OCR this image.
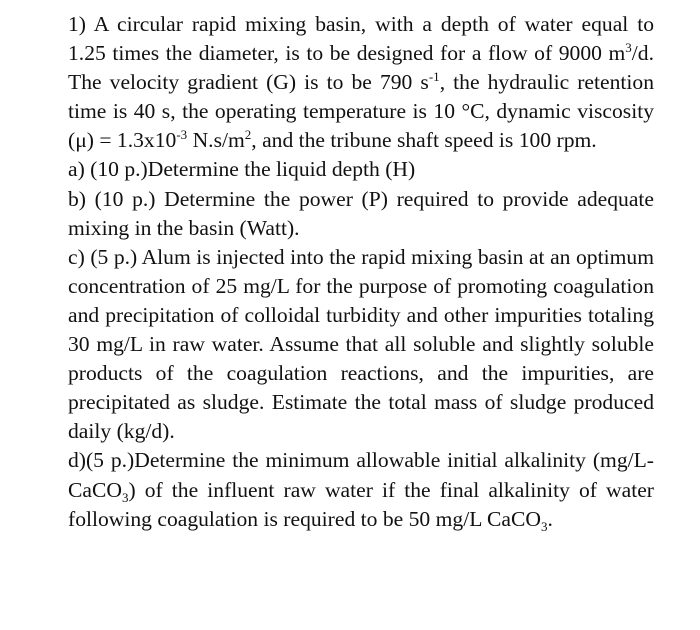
1) A circular rapid mixing basin, with a depth of water equal to 1.25 times the diameter, is to be designed for a flow of 9000 $m^3/d$. The velocity gradient (G) is to be 790 $s^{-1}$, the hydraulic retention time is 40 s, the operating temperature is 10 °C, dynamic viscosity $(\mu) = 1.3x10^{-3}$ $N.s/m^2$, and the tribune shaft speed is 100 rpm.

a) (10 p.)Determine the liquid depth (H)

b) (10 p.) Determine the power (P) required to provide adequate mixing in the basin (Watt).

c) (5 p.) Alum is injected into the rapid mixing basin at an optimum concentration of 25 mg/L for the purpose of promoting coagulation and precipitation of colloidal turbidity and other impurities totaling 30 mg/L in raw water. Assume that all soluble and slightly soluble products of the coagulation reactions, and the impurities, are precipitated as sludge. Estimate the total mass of sludge produced daily (kg/d).

d)(5 p.)Determine the minimum allowable initial alkalinity (mg/L-CaCO$_3$) of the influent raw water if the final alkalinity of water following coagulation is required to be 50 mg/L CaCO$_3$.
